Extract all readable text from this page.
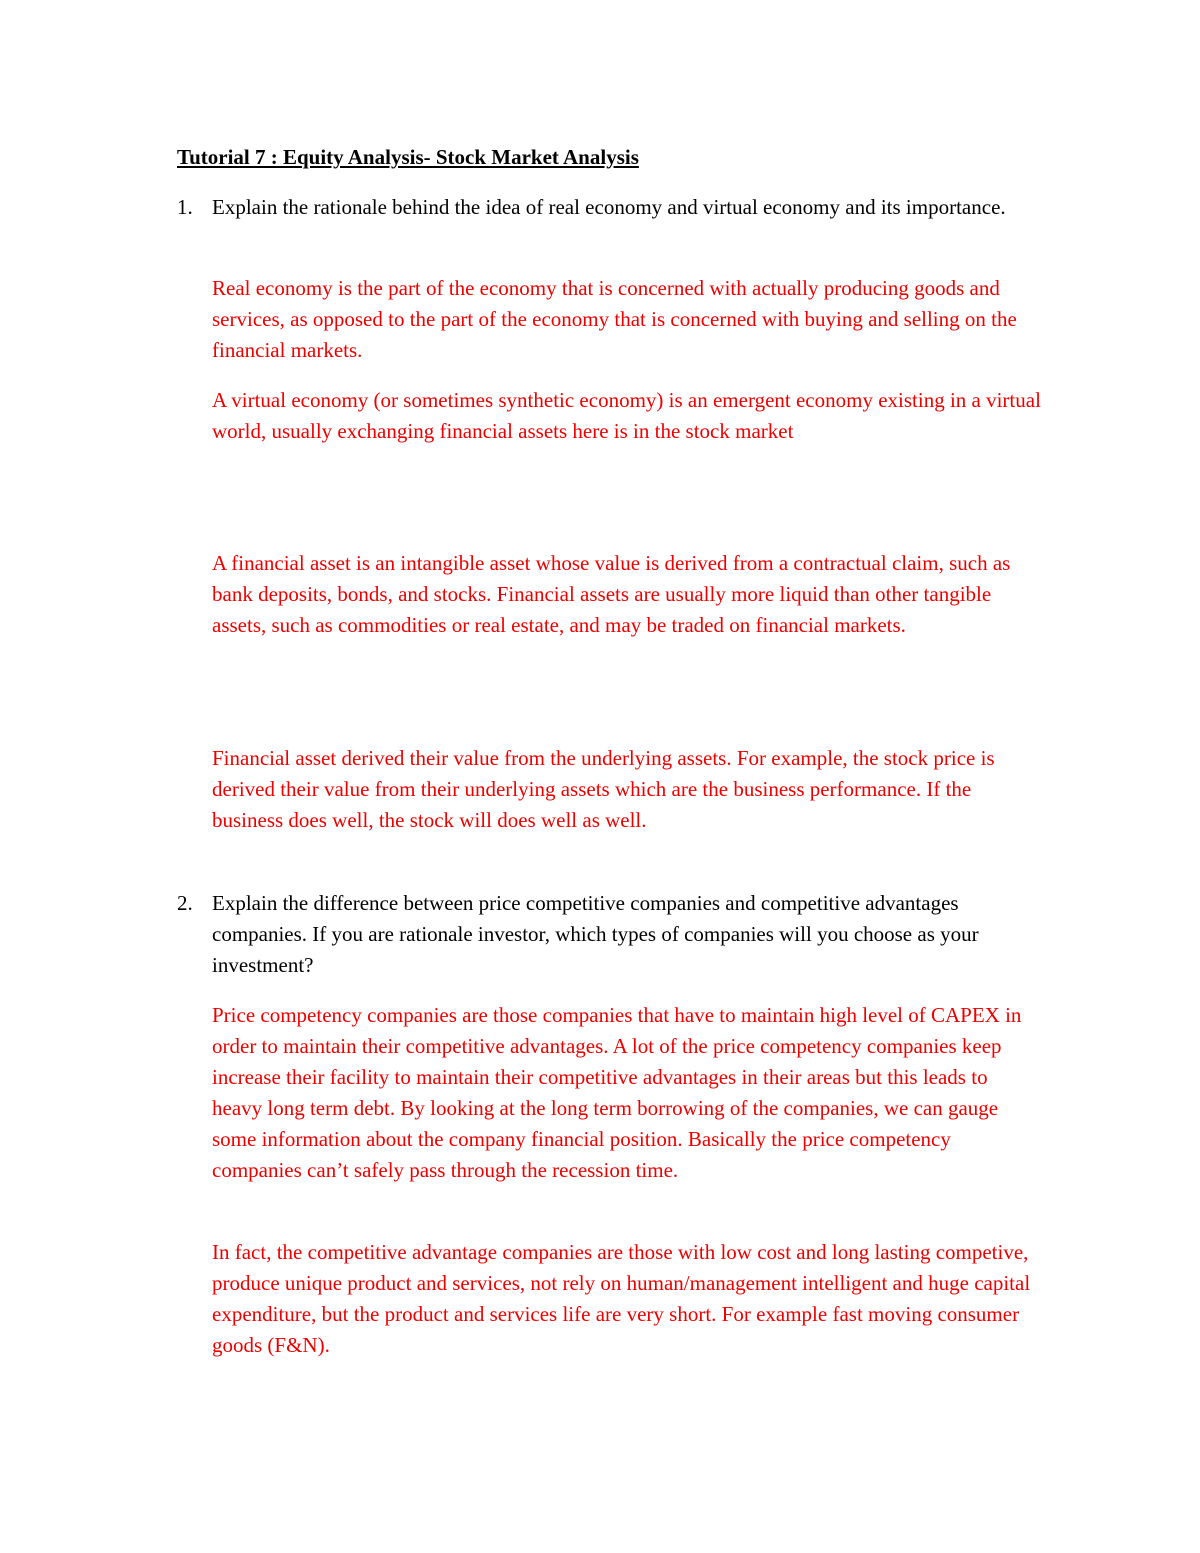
Tutorial 7 : Equity Analysis- Stock Market Analysis
1. Explain the rationale behind the idea of real economy and virtual economy and its importance.
Real economy is the part of the economy that is concerned with actually producing goods and services, as opposed to the part of the economy that is concerned with buying and selling on the financial markets.
A virtual economy (or sometimes synthetic economy) is an emergent economy existing in a virtual world, usually exchanging financial assets here is in the stock market
A financial asset is an intangible asset whose value is derived from a contractual claim, such as bank deposits, bonds, and stocks. Financial assets are usually more liquid than other tangible assets, such as commodities or real estate, and may be traded on financial markets.
Financial asset derived their value from the underlying assets. For example, the stock price is derived their value from their underlying assets which are the business performance. If the business does well, the stock will does well as well.
2. Explain the difference between price competitive companies and competitive advantages companies. If you are rationale investor, which types of companies will you choose as your investment?
Price competency companies are those companies that have to maintain high level of CAPEX in order to maintain their competitive advantages. A lot of the price competency companies keep increase their facility to maintain their competitive advantages in their areas but this leads to heavy long term debt. By looking at the long term borrowing of the companies, we can gauge some information about the company financial position. Basically the price competency companies can’t safely pass through the recession time.
In fact, the competitive advantage companies are those with low cost and long lasting competive, produce unique product and services, not rely on human/management intelligent and huge capital expenditure, but the product and services life are very short. For example fast moving consumer goods (F&N).
